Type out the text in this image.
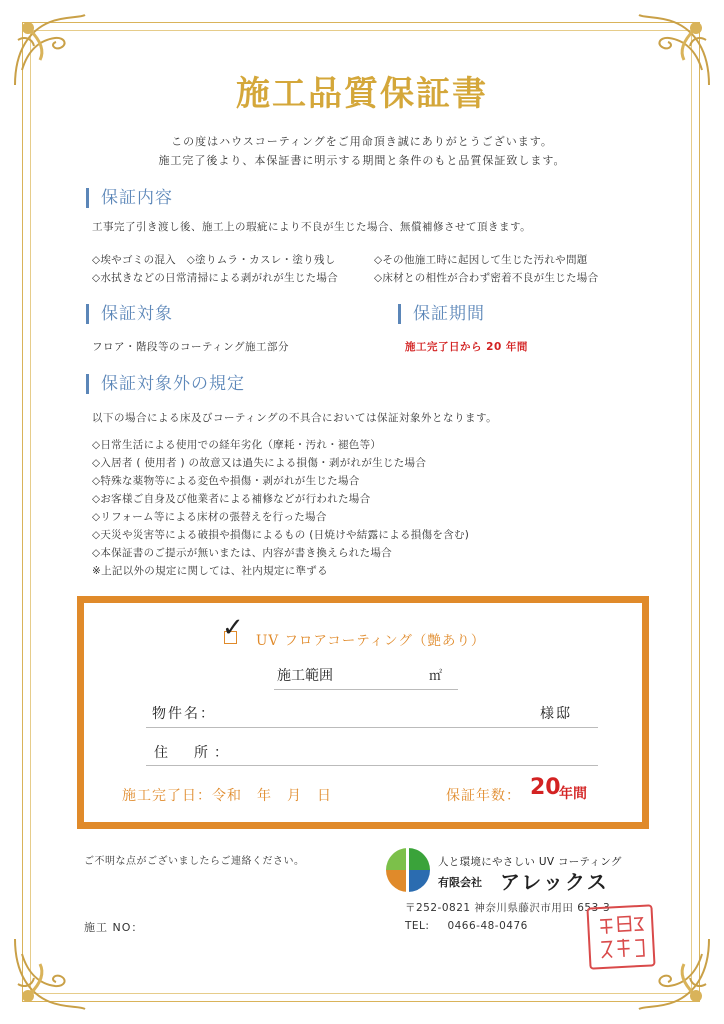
施工品質保証書
この度はハウスコーティングをご用命頂き誠にありがとうございます。
施工完了後より、本保証書に明示する期間と条件のもと品質保証致します。
保証内容
工事完了引き渡し後、施工上の瑕疵により不良が生じた場合、無償補修させて頂きます。
◇埃やゴミの混入　◇塗りムラ・カスレ・塗り残し
◇水拭きなどの日常清掃による剥がれが生じた場合
◇その他施工時に起因して生じた汚れや問題
◇床材との相性が合わず密着不良が生じた場合
保証対象
フロア・階段等のコーティング施工部分
保証期間
施工完了日から 20 年間
保証対象外の規定
以下の場合による床及びコーティングの不具合においては保証対象外となります。
◇日常生活による使用での経年劣化（摩耗・汚れ・褪色等）
◇入居者 ( 使用者 ) の故意又は過失による損傷・剥がれが生じた場合
◇特殊な薬物等による変色や損傷・剥がれが生じた場合
◇お客様ご自身及び他業者による補修などが行われた場合
◇リフォーム等による床材の張替えを行った場合
◇天災や災害等による破損や損傷によるもの (日焼けや結露による損傷を含む)
◇本保証書のご提示が無いまたは、内容が書き換えられた場合
※上記以外の規定に関しては、社内規定に準ずる
✓ UV フロアコーティング（艶あり）
施工範囲	㎡
物件名：	様邸
住　所：
施工完了日：令和　年　月　日	保証年数： 20
年間
ご不明な点がございましたらご連絡ください。	人と環境にやさしい UV コーティング
有限会社 アレックス
〒252-0821 神奈川県藤沢市用田 653-3
TEL: 0466-48-0476
施工 NO：
